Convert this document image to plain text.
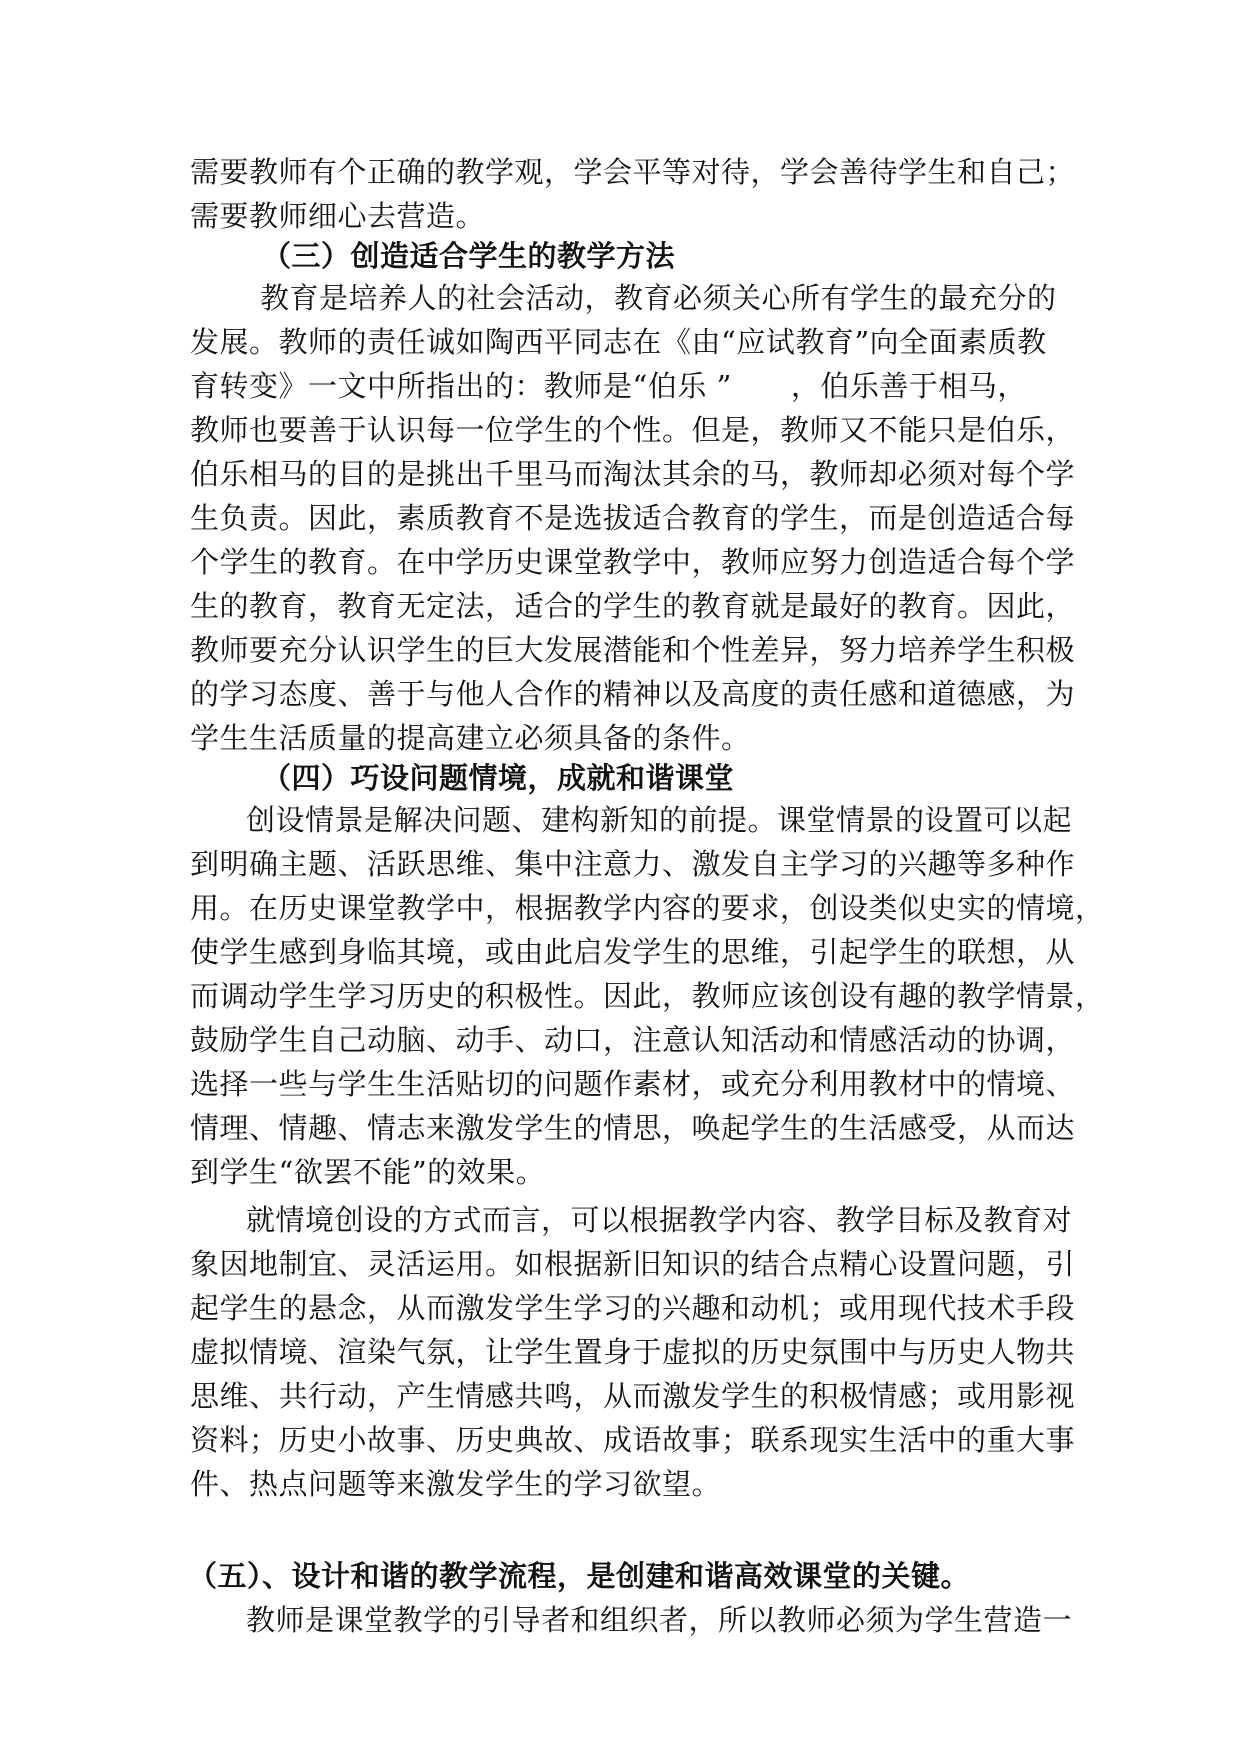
需要教师有个正确的教学观，学会平等对待，学会善待学生和自己；
需要教师细心去营造。
（三）创造适合学生的教学方法
教育是培养人的社会活动，教育必须关心所有学生的最充分的
发展。教师的责任诚如陶西平同志在《由“应试教育”向全面素质教
育转变》一文中所指出的：教师是“伯乐 ”　　，伯乐善于相马，
教师也要善于认识每一位学生的个性。但是，教师又不能只是伯乐，
伯乐相马的目的是挑出千里马而淘汰其余的马，教师却必须对每个学
生负责。因此，素质教育不是选拔适合教育的学生，而是创造适合每
个学生的教育。在中学历史课堂教学中，教师应努力创造适合每个学
生的教育，教育无定法，适合的学生的教育就是最好的教育。因此，
教师要充分认识学生的巨大发展潜能和个性差异，努力培养学生积极
的学习态度、善于与他人合作的精神以及高度的责任感和道德感，为
学生生活质量的提高建立必须具备的条件。
（四）巧设问题情境，成就和谐课堂
创设情景是解决问题、建构新知的前提。课堂情景的设置可以起
到明确主题、活跃思维、集中注意力、激发自主学习的兴趣等多种作
用。在历史课堂教学中，根据教学内容的要求，创设类似史实的情境，
使学生感到身临其境，或由此启发学生的思维，引起学生的联想，从
而调动学生学习历史的积极性。因此，教师应该创设有趣的教学情景，
鼓励学生自己动脑、动手、动口，注意认知活动和情感活动的协调，
选择一些与学生生活贴切的问题作素材，或充分利用教材中的情境、
情理、情趣、情志来激发学生的情思，唤起学生的生活感受，从而达
到学生“欲罢不能”的效果。
就情境创设的方式而言，可以根据教学内容、教学目标及教育对
象因地制宜、灵活运用。如根据新旧知识的结合点精心设置问题，引
起学生的悬念，从而激发学生学习的兴趣和动机；或用现代技术手段
虚拟情境、渲染气氛，让学生置身于虚拟的历史氛围中与历史人物共
思维、共行动，产生情感共鸣，从而激发学生的积极情感；或用影视
资料；历史小故事、历史典故、成语故事；联系现实生活中的重大事
件、热点问题等来激发学生的学习欲望。
（五）、设计和谐的教学流程，是创建和谐高效课堂的关键。
教师是课堂教学的引导者和组织者，所以教师必须为学生营造一
